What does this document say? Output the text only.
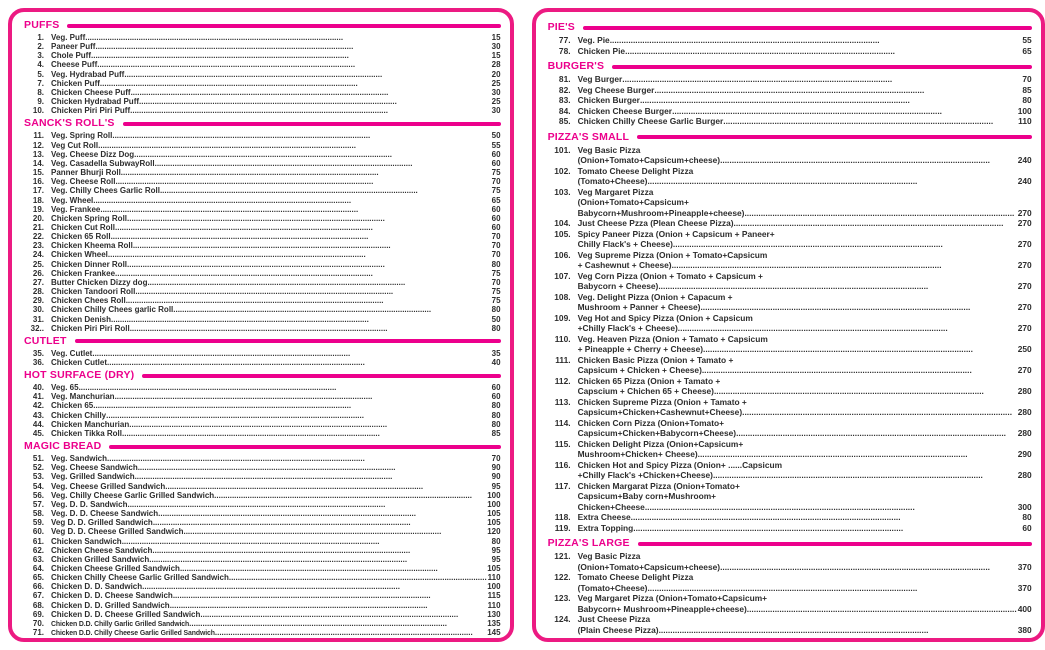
PUFFS
1. Veg. Puff .....	15
2. Paneer Puff .....	30
3. Chole Puff .....	15
4. Cheese Puff .....	28
5. Veg. Hydrabad Puff .....	20
7. Chicken Puff .....	25
8. Chicken Cheese Puff .....	30
9. Chicken Hydrabad Puff .....	25
10. Chicken Piri Piri Puff .....	30
SANCK'S ROLL'S
11. Veg. Spring Roll .....	50
12. Veg Cut Roll .....	55
13. Veg. Cheese Dizz Dog .....	60
14. Veg. Casadella SubwayRoll .....	60
15. Panner Bhurji Roll .....	75
16. Veg. Cheese Roll .....	70
17. Veg. Chilly Chees Garlic Roll .....	75
18. Veg. Wheel .....	65
19. Veg. Frankee .....	60
20. Chicken Spring Roll .....	60
21. Chicken Cut Roll .....	60
22. Chicken 65 Roll .....	70
23. Chicken Kheema Roll .....	70
24. Chicken Wheel .....	70
25. Chicken Dinner Roll .....	80
26. Chicken Frankee .....	75
27. Butter Chicken Dizzy dog .....	70
28. Chicken Tandoori Roll .....	75
29. Chicken Chees Roll .....	75
30. Chicken Chilly Chees garlic Roll .....	80
31. Chicken Denish .....	50
32.. Chicken Piri Piri Roll .....	80
CUTLET
35. Veg. Cutlet .....	35
36. Chicken Cutlet .....	40
HOT SURFACE (DRY)
40. Veg. 65 .....	60
41. Veg. Manchurian .....	60
42. Chicken 65 .....	80
43. Chicken Chilly .....	80
44. Chicken Manchurian .....	80
45. Chicken Tikka Roll .....	85
MAGIC BREAD
51. Veg. Sandwich .....	70
52. Veg. Cheese Sandwich .....	90
53. Veg. Grilled Sandwich .....	90
54. Veg. Cheese Grilled Sandwich .....	95
56. Veg. Chilly Cheese Garlic Grilled Sandwich .....	100
57. Veg. D. D. Sandwich .....	100
58. Veg. D. D. Cheese Sandwich .....	105
59. Veg D. D. Grilled Sandwich .....	105
60. Veg D. D. Cheese Grilled Sandwich .....	120
61. Chicken Sandwich .....	80
62. Chicken Cheese Sandwich .....	95
63. Chicken Grilled Sandwich .....	95
64. Chicken Cheese Grilled Sandwich .....	105
65. Chicken Chilly Cheese Garlic Grilled Sandwich .....	110
66. Chicken D. D. Sandwich .....	100
67. Chicken D. D. Cheese Sandwich .....	115
68. Chicken D. D. Grilled Sandwich .....	110
69. Chicken D. D. Cheese Grilled Sandwich .....	130
70. Chicken D.D. Chilly Garlic Grilled Sandwich .....	135
71. Chicken D.D. Chilly Cheese Garlic Grilled Sandwich .....	145
PIE'S
77. Veg. Pie .....	55
78. Chicken Pie .....	65
BURGER'S
81. Veg Burger .....	70
82. Veg Cheese Burger .....	85
83. Chicken Burger .....	80
84. Chicken Cheese Burger .....	100
85. Chicken Chilly Cheese Garlic Burger .....	110
PIZZA'S SMALL
101. Veg Basic Pizza
(Onion+Tomato+Capsicum+cheese) .....	240
102. Tomato Cheese Delight Pizza
(Tomato+Cheese) .....	240
103. Veg Margaret Pizza
(Onion+Tomato+Capsicum+
Babycorn+Mushroom+Pineapple+cheese) .....	270
104. Just Cheese Pzza (Plean Cheese Pizza) .....	270
105. Spicy Paneer Pizza (Onion + Capsicum + Paneer+
Chilly Flack's + Cheese) .....	270
106. Veg Supreme Pizza (Onion + Tomato+Capsicum
+ Cashewnut + Cheese) .....	270
107. Veg Corn Pizza (Onion + Tomato + Capsicum +
Babycorn + Cheese) .....	270
108. Veg. Delight Pizza (Onion + Capacum +
Mushroom + Panner + Cheese) .....	270
109. Veg Hot and Spicy Pizza (Onion + Capsicum
+Chilly Flack's + Cheese) .....	270
110. Veg. Heaven Pizza (Onion + Tamato + Capsicum
+ Pineapple + Cherry + Cheese) .....	250
111. Chicken Basic Pizza (Onion + Tamato +
Capsicum + Chicken + Cheese) .....	270
112. Chicken 65 Pizza (Onion + Tamato +
Capscium + Chichen 65 + Cheese) .....	280
113. Chicken Supreme Pizza (Onion + Tamato +
Capsicum+Chicken+Cashewnut+Cheese) .....	280
114. Chicken Corn Pizza (Onion+Tomato+
Capsicum+Chicken+Babycorn+Cheese) .....	280
115. Chicken Delight Pizza (Onion+Capsicum+
Mushroom+Chicken+ Cheese) .....	290
116. Chicken Hot and Spicy Pizza (Onion+ ......Capsicum
+Chilly Flack's +Chicken+Cheese) .....	280
117. Chicken Margarat Pizza (Onion+Tomato+
Capsicum+Baby corn+Mushroom+
Chicken+Cheese .....	300
118. Extra Cheese .....	80
119. Extra Topping .....	60
PIZZA'S LARGE
121. Veg Basic Pizza
(Onion+Tomato+Capsicum+cheese) .....	370
122. Tomato Cheese Delight Pizza
(Tomato+Cheese) .....	370
123. Veg Margaret Pizza (Onion+Tomato+Capsicum+
Babycorn+ Mushroom+Pineapple+cheese) .....	400
124. Just Cheese Pizza
(Plain Cheese Pizza) .....	380
